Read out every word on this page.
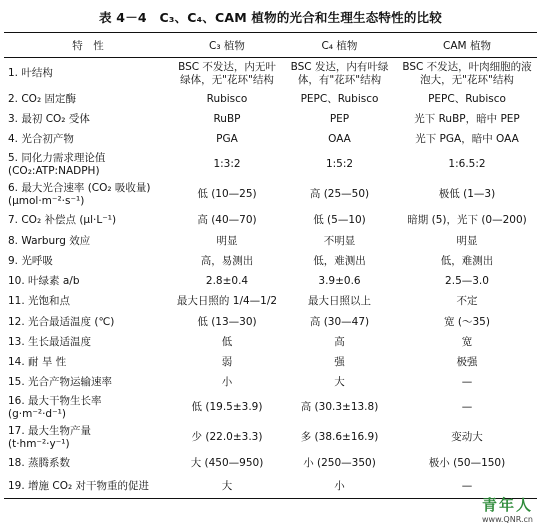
表 4－4　C₃、C₄、CAM 植物的光合和生理生态特性的比较
特　性	C₃ 植物	C₄ 植物	CAM 植物
1. 叶结构	BSC 不发达，内无叶绿体，无"花环"结构	BSC 发达，内有叶绿体，有"花环"结构	BSC 不发达，叶肉细胞的液泡大，无"花环"结构
2. CO₂ 固定酶	Rubisco	PEPC、Rubisco	PEPC、Rubisco
3. 最初 CO₂ 受体	RuBP	PEP	光下 RuBP，暗中 PEP
4. 光合初产物	PGA	OAA	光下 PGA，暗中 OAA
5. 同化力需求理论值
(CO₂:ATP:NADPH)	1:3:2	1:5:2	1:6.5:2
6. 最大光合速率 (CO₂ 吸收量)
(μmol·m⁻²·s⁻¹)	低 (10—25)	高 (25—50)	极低 (1—3)
7. CO₂ 补偿点 (μl·L⁻¹)	高 (40—70)	低 (5—10)	暗期 (5)，光下 (0—200)
8. Warburg 效应	明显	不明显	明显
9. 光呼吸	高，易测出	低，难测出	低，难测出
10. 叶绿素 a/b	2.8±0.4	3.9±0.6	2.5—3.0
11. 光饱和点	最大日照的 1/4—1/2	最大日照以上	不定
12. 光合最适温度 (℃)	低 (13—30)	高 (30—47)	宽 (～35)
13. 生长最适温度	低	高	宽
14. 耐 旱 性	弱	强	极强
15. 光合产物运输速率	小	大	—
16. 最大干物生长率
(g·m⁻²·d⁻¹)	低 (19.5±3.9)	高 (30.3±13.8)	—
17. 最大生物产量
(t·hm⁻²·y⁻¹)	少 (22.0±3.3)	多 (38.6±16.9)	变动大
18. 蒸腾系数	大 (450—950)	小 (250—350)	极小 (50—150)
19. 增施 CO₂ 对干物重的促进	大	小	—
青年人
www.QNR.cn
